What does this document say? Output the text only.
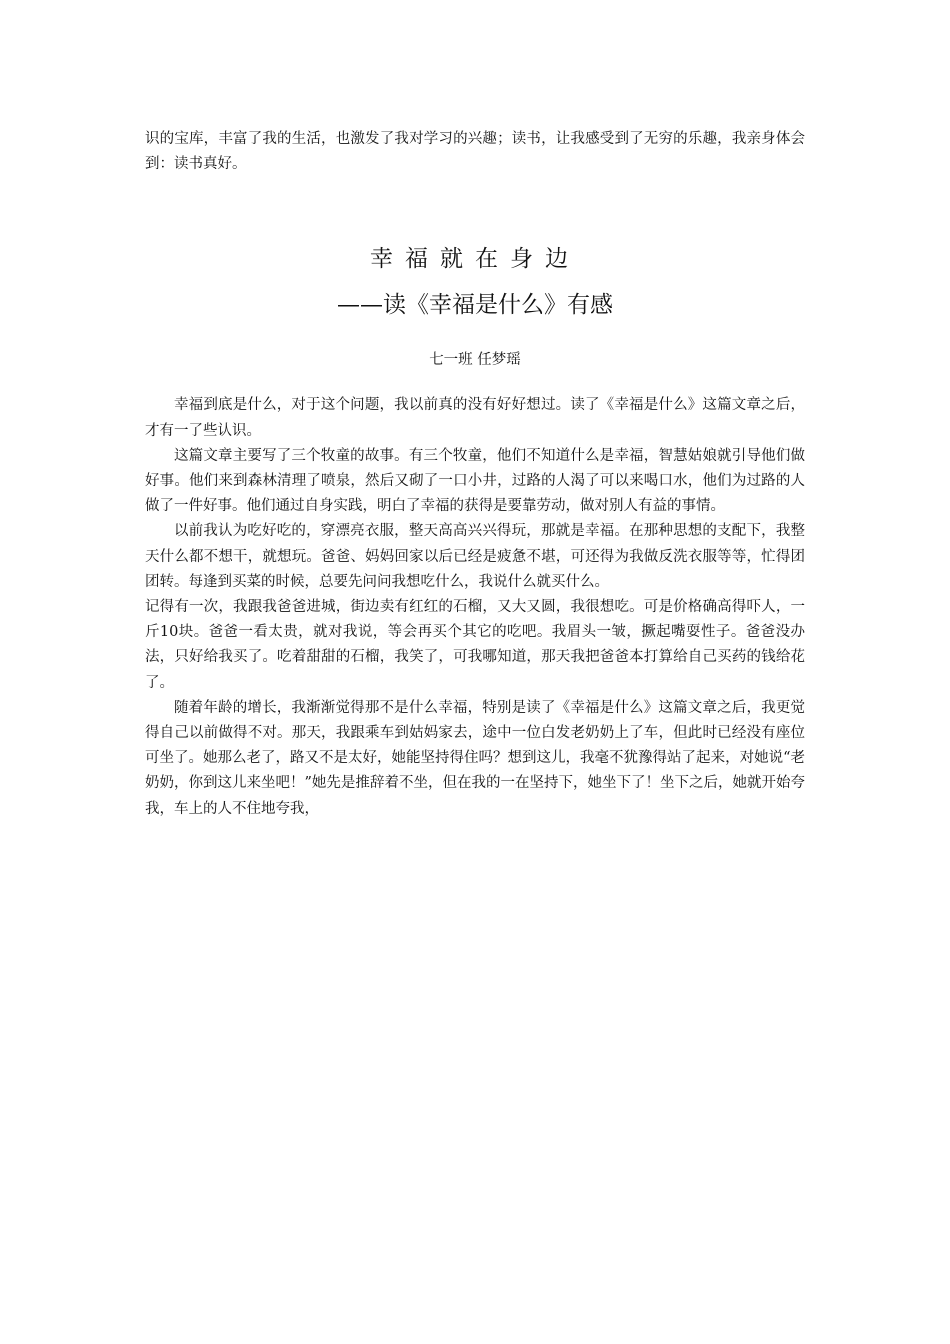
识的宝库，丰富了我的生活，也激发了我对学习的兴趣；读书，让我感受到了无穷的乐趣，我亲身体会到：读书真好。

幸福就在身边
——读《幸福是什么》有感

七一班 任梦瑶

幸福到底是什么，对于这个问题，我以前真的没有好好想过。读了《幸福是什么》这篇文章之后，才有一了些认识。

这篇文章主要写了三个牧童的故事。有三个牧童，他们不知道什么是幸福，智慧姑娘就引导他们做好事。他们来到森林清理了喷泉，然后又砌了一口小井，过路的人渴了可以来喝口水，他们为过路的人做了一件好事。他们通过自身实践，明白了幸福的获得是要靠劳动，做对别人有益的事情。

以前我认为吃好吃的，穿漂亮衣服，整天高高兴兴得玩，那就是幸福。在那种思想的支配下，我整天什么都不想干，就想玩。爸爸、妈妈回家以后已经是疲惫不堪，可还得为我做反洗衣服等等，忙得团团转。每逢到买菜的时候，总要先问问我想吃什么，我说什么就买什么。

记得有一次，我跟我爸爸进城，街边卖有红红的石榴，又大又圆，我很想吃。可是价格确高得吓人，一斤10块。爸爸一看太贵，就对我说，等会再买个其它的吃吧。我眉头一皱，撅起嘴耍性子。爸爸没办法，只好给我买了。吃着甜甜的石榴，我笑了，可我哪知道，那天我把爸爸本打算给自己买药的钱给花了。

随着年龄的增长，我渐渐觉得那不是什么幸福，特别是读了《幸福是什么》这篇文章之后，我更觉得自己以前做得不对。那天，我跟乘车到姑妈家去，途中一位白发老奶奶上了车，但此时已经没有座位可坐了。她那么老了，路又不是太好，她能坚持得住吗？想到这儿，我毫不犹豫得站了起来，对她说“老奶奶，你到这儿来坐吧！”她先是推辞着不坐，但在我的一在坚持下，她坐下了！坐下之后，她就开始夸我，车上的人不住地夸我，
